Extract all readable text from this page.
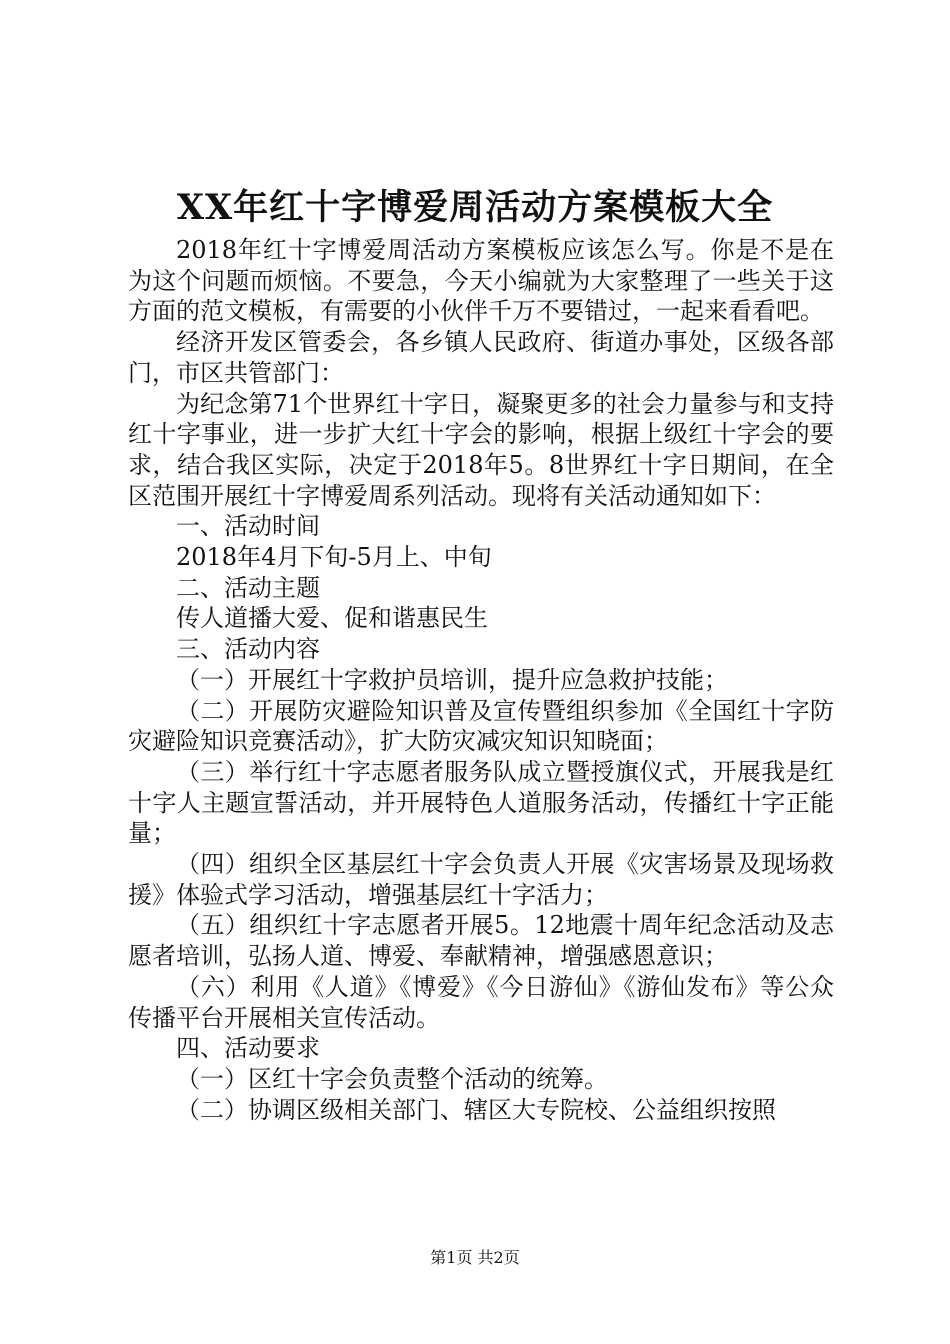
XX年红十字博爱周活动方案模板大全

2018年红十字博爱周活动方案模板应该怎么写。你是不是在为这个问题而烦恼。不要急，今天小编就为大家整理了一些关于这方面的范文模板，有需要的小伙伴千万不要错过，一起来看看吧。

经济开发区管委会，各乡镇人民政府、街道办事处，区级各部门，市区共管部门：

为纪念第71个世界红十字日，凝聚更多的社会力量参与和支持红十字事业，进一步扩大红十字会的影响，根据上级红十字会的要求，结合我区实际，决定于2018年5。8世界红十字日期间，在全区范围开展红十字博爱周系列活动。现将有关活动通知如下：

一、活动时间

2018年4月下旬-5月上、中旬

二、活动主题

传人道播大爱、促和谐惠民生

三、活动内容

（一）开展红十字救护员培训，提升应急救护技能；

（二）开展防灾避险知识普及宣传暨组织参加《全国红十字防灾避险知识竞赛活动》，扩大防灾减灾知识知晓面；

（三）举行红十字志愿者服务队成立暨授旗仪式，开展我是红十字人主题宣誓活动，并开展特色人道服务活动，传播红十字正能量；

（四）组织全区基层红十字会负责人开展《灾害场景及现场救援》体验式学习活动，增强基层红十字活力；

（五）组织红十字志愿者开展5。12地震十周年纪念活动及志愿者培训，弘扬人道、博爱、奉献精神，增强感恩意识；

（六）利用《人道》《博爱》《今日游仙》《游仙发布》等公众传播平台开展相关宣传活动。

四、活动要求

（一）区红十字会负责整个活动的统筹。

（二）协调区级相关部门、辖区大专院校、公益组织按照

第1页 共2页
